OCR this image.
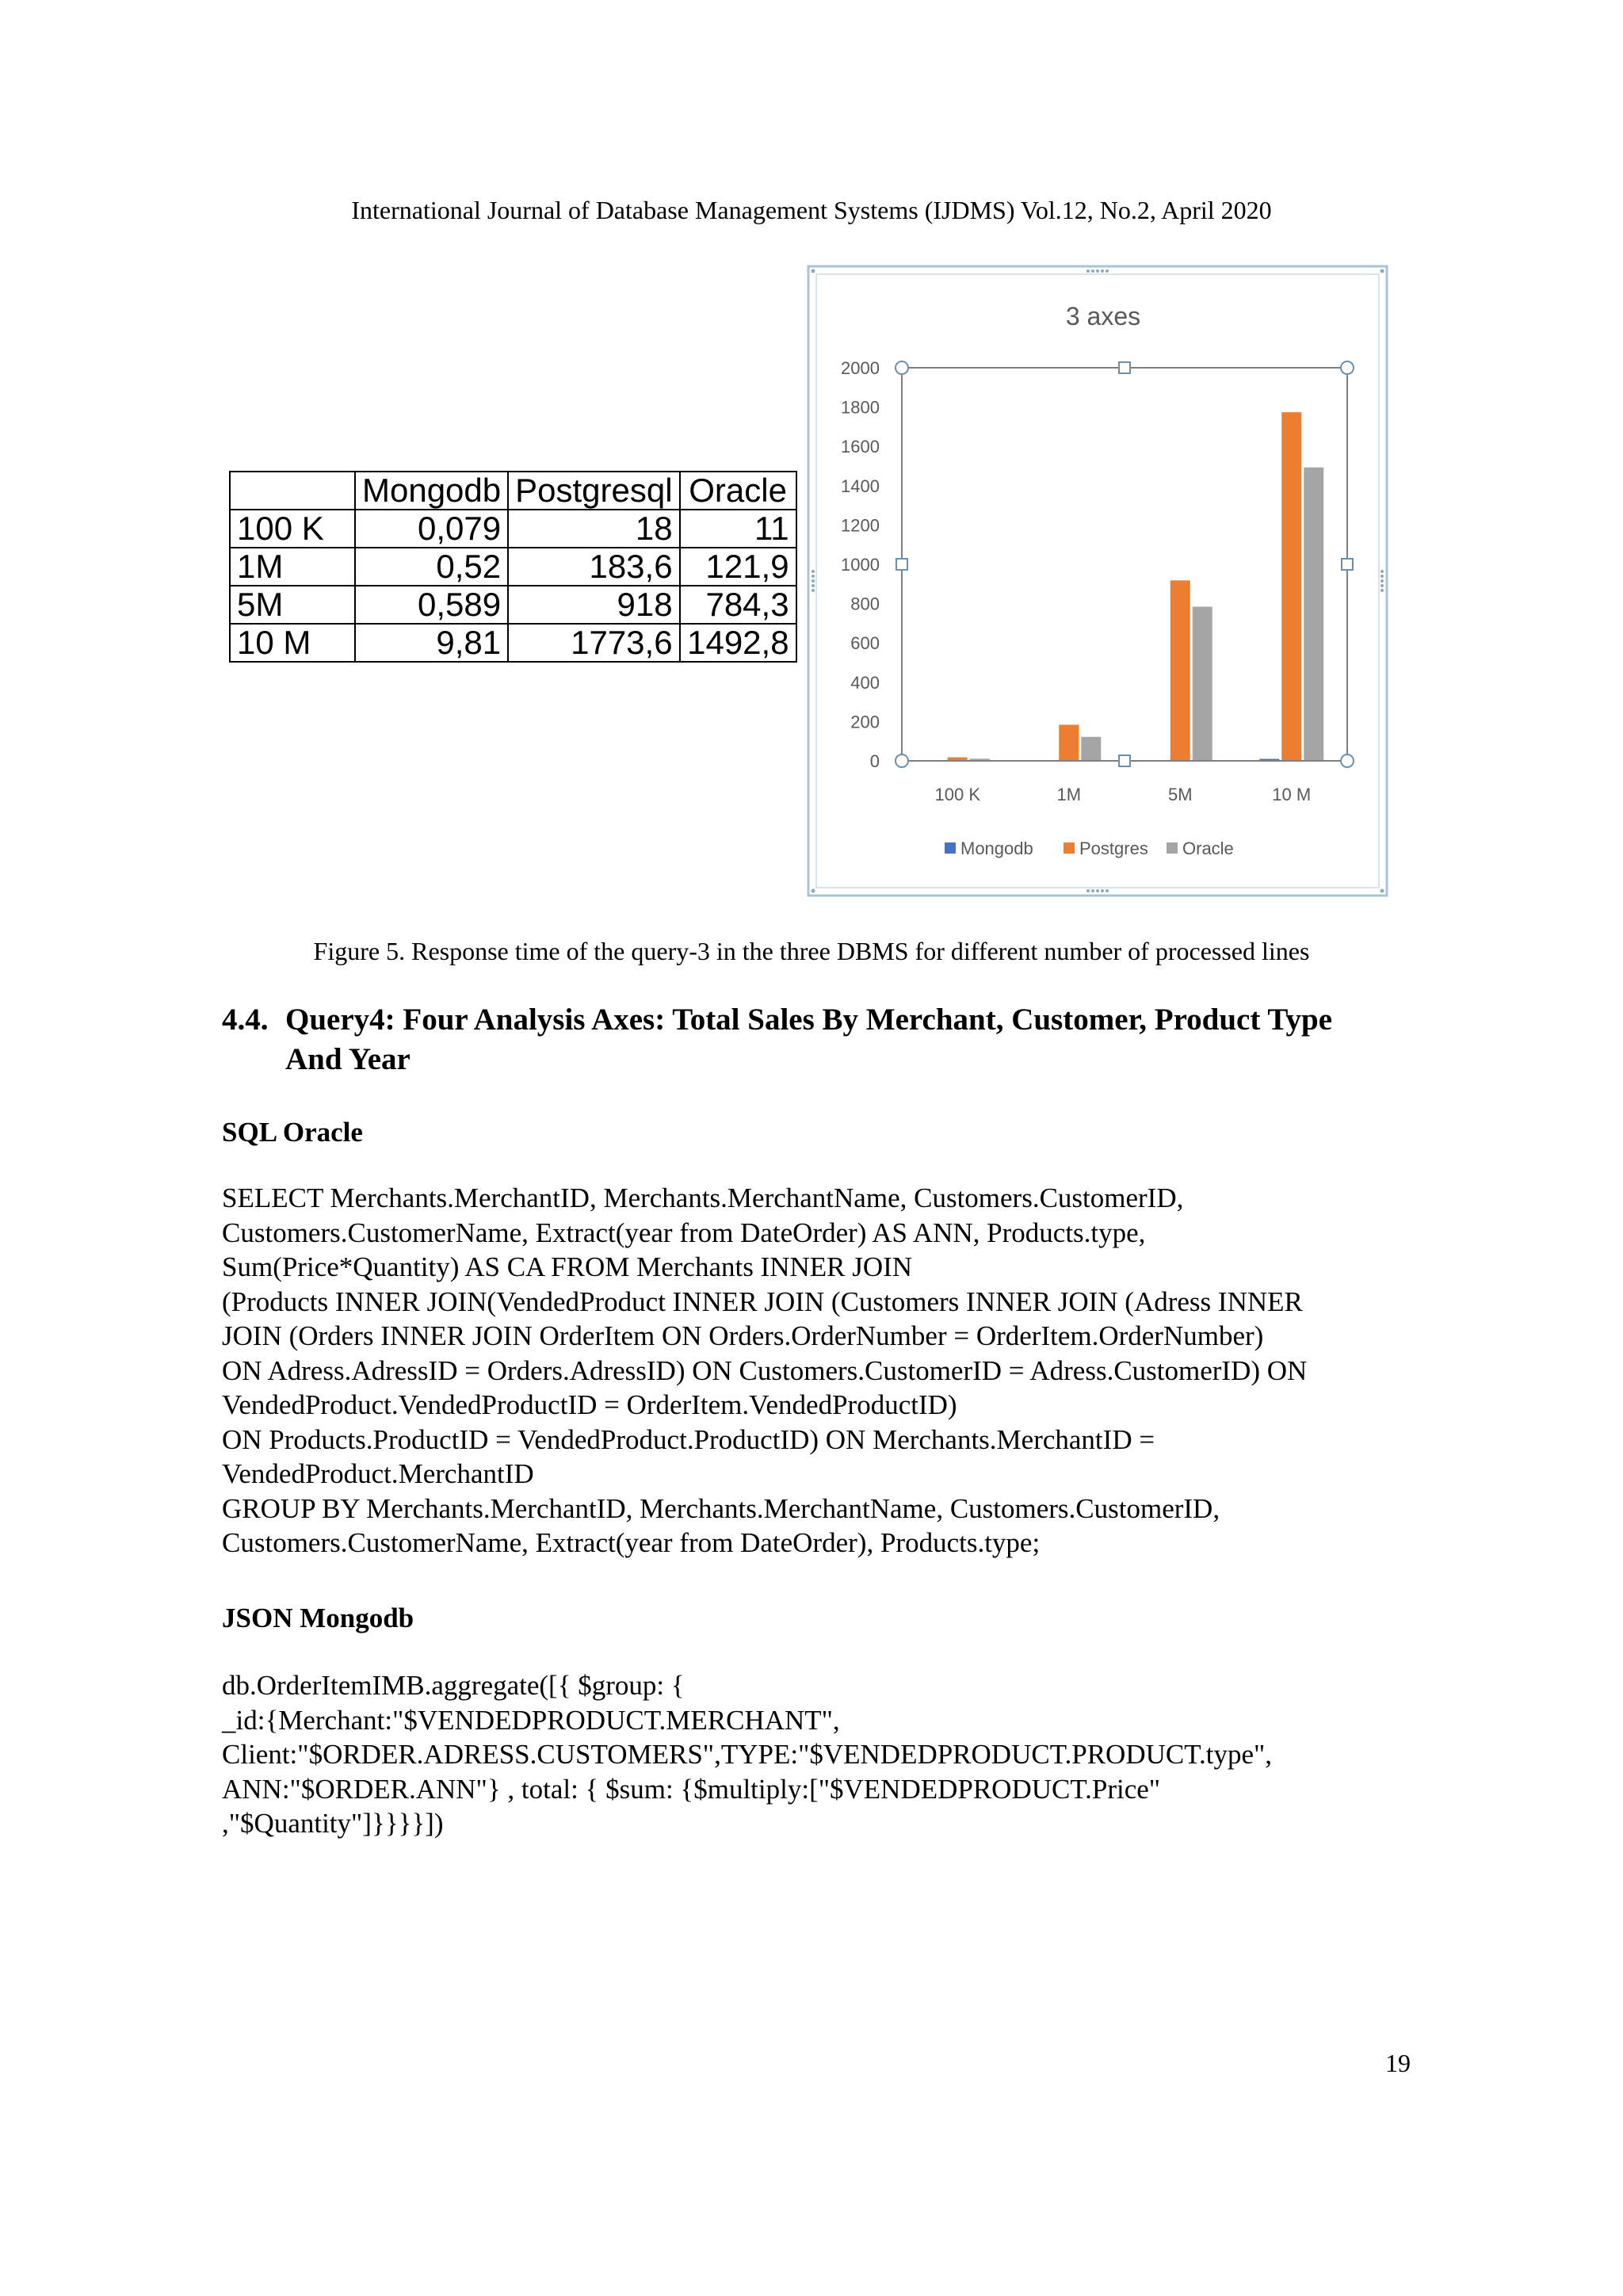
International Journal of Database Management Systems (IJDMS) Vol.12, No.2, April 2020
	Mongodb	Postgresql	Oracle
100 K	0,079	18	11
1M	0,52	183,6	121,9
5M	0,589	918	784,3
10 M	9,81	1773,6	1492,8
3 axes
0
200
400
600
800
1000
1200
1400
1600
1800
2000
100 K	1M	5M	10 M
Mongodb	Postgres Oracle
Figure 5. Response time of the query-3 in the three DBMS for different number of processed lines
4.4. Query4: Four Analysis Axes: Total Sales By Merchant, Customer, Product Type And Year
SQL Oracle
SELECT Merchants.MerchantID, Merchants.MerchantName, Customers.CustomerID,
Customers.CustomerName, Extract(year from DateOrder) AS ANN, Products.type,
Sum(Price*Quantity) AS CA FROM Merchants INNER JOIN
(Products INNER JOIN(VendedProduct INNER JOIN (Customers INNER JOIN (Adress INNER
JOIN (Orders INNER JOIN OrderItem ON Orders.OrderNumber = OrderItem.OrderNumber)
ON Adress.AdressID = Orders.AdressID) ON Customers.CustomerID = Adress.CustomerID) ON
VendedProduct.VendedProductID = OrderItem.VendedProductID)
ON Products.ProductID = VendedProduct.ProductID) ON Merchants.MerchantID =
VendedProduct.MerchantID
GROUP BY Merchants.MerchantID, Merchants.MerchantName, Customers.CustomerID,
Customers.CustomerName, Extract(year from DateOrder), Products.type;
JSON Mongodb
db.OrderItemIMB.aggregate([{ $group: {
_id:{Merchant:"$VENDEDPRODUCT.MERCHANT",
Client:"$ORDER.ADRESS.CUSTOMERS",TYPE:"$VENDEDPRODUCT.PRODUCT.type",
ANN:"$ORDER.ANN"} , total: { $sum: {$multiply:["$VENDEDPRODUCT.Price"
,"$Quantity"]}}}}])
19
